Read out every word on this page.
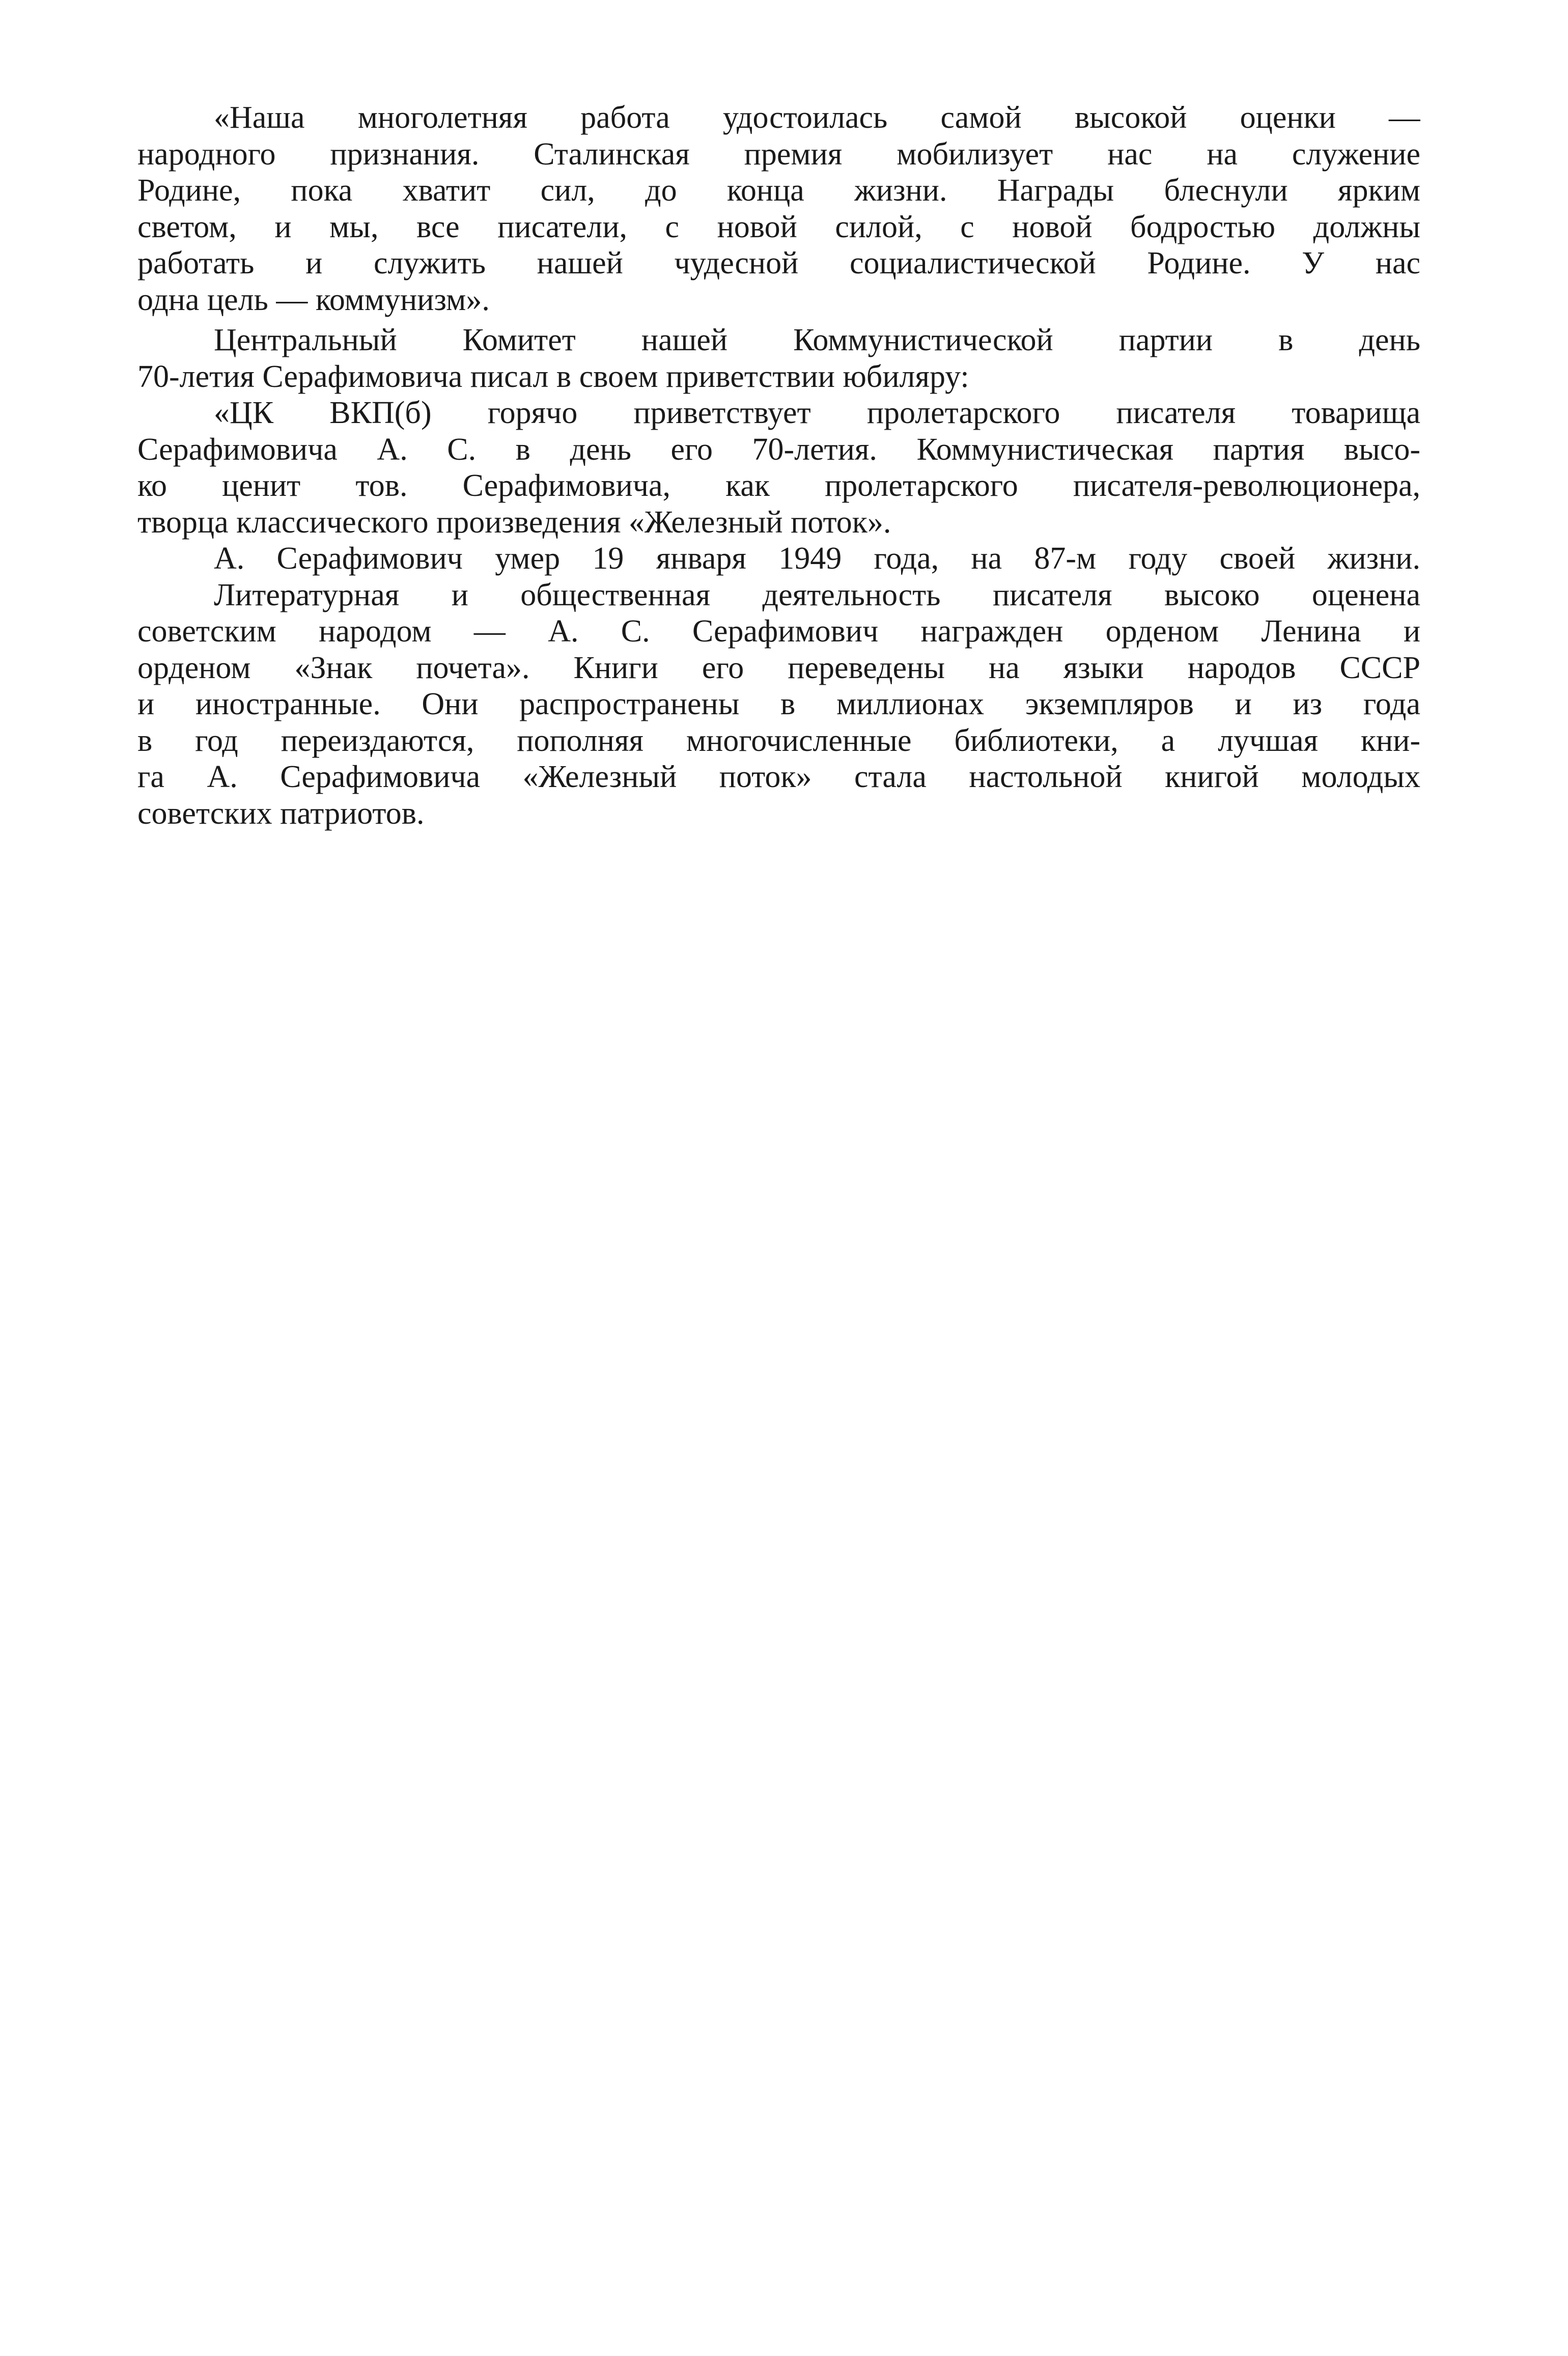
«Наша многолетняя работа удостоилась самой высокой оценки —
народного признания. Сталинская премия мобилизует нас на служение
Родине, пока хватит сил, до конца жизни. Награды блеснули ярким
светом, и мы, все писатели, с новой силой, с новой бодростью должны
работать и служить нашей чудесной социалистической Родине. У нас
одна цель — коммунизм».
Центральный Комитет нашей Коммунистической партии в день
70-летия Серафимовича писал в своем приветствии юбиляру:
«ЦК ВКП(б) горячо приветствует пролетарского писателя товарища
Серафимовича А. С. в день его 70-летия. Коммунистическая партия высо-
ко ценит тов. Серафимовича, как пролетарского писателя-революционера,
творца классического произведения «Железный поток».
А. Серафимович умер 19 января 1949 года, на 87-м году своей жизни.
Литературная и общественная деятельность писателя высоко оценена
советским народом — А. С. Серафимович награжден орденом Ленина и
орденом «Знак почета». Книги его переведены на языки народов СССР
и иностранные. Они распространены в миллионах экземпляров и из года
в год переиздаются, пополняя многочисленные библиотеки, а лучшая кни-
га А. Серафимовича «Железный поток» стала настольной книгой молодых
советских патриотов.
